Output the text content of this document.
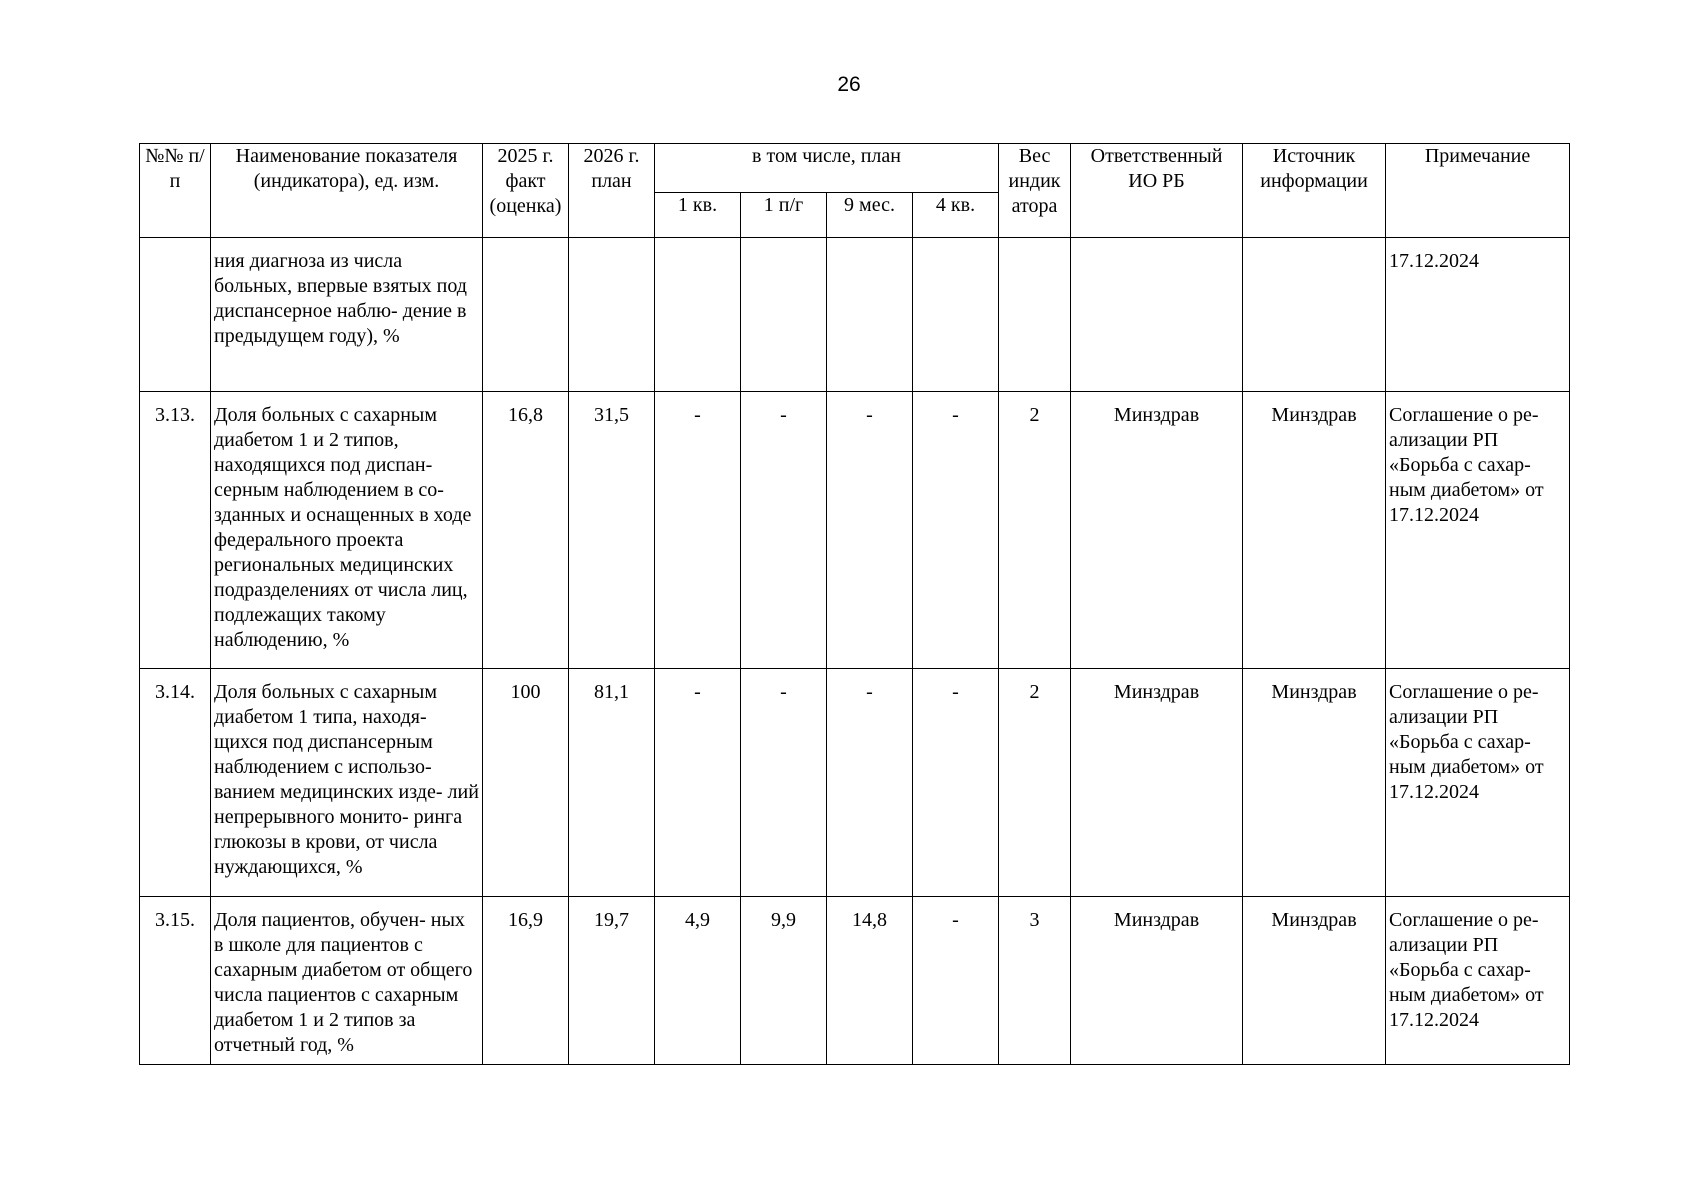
26
№№ п/п	Наименование показателя (индикатора), ед. изм.	2025 г. факт (оценка)	2026 г. план	в том числе, план				Вес индик атора	Ответственный ИО РБ	Источник информации	Примечание
				1 кв.	1 п/г	9 мес.	4 кв.				
	ния диагноза из числа больных, впервые взятых под диспансерное наблю- дение в предыдущем году), %										17.12.2024
3.13.	Доля больных с сахарным диабетом 1 и 2 типов, находящихся под диспан- серным наблюдением в со- зданных и оснащенных в ходе федерального проекта региональных медицинских подразделениях от числа лиц, подлежащих такому наблюдению, %	16,8	31,5	-	-	-	-	2	Минздрав	Минздрав	Соглашение о ре- ализации РП «Борьба с сахар- ным диабетом» от 17.12.2024
3.14.	Доля больных с сахарным диабетом 1 типа, находя- щихся под диспансерным наблюдением с использо- ванием медицинских изде- лий непрерывного монито- ринга глюкозы в крови, от числа нуждающихся, %	100	81,1	-	-	-	-	2	Минздрав	Минздрав	Соглашение о ре- ализации РП «Борьба с сахар- ным диабетом» от 17.12.2024
3.15.	Доля пациентов, обучен- ных в школе для пациентов с сахарным диабетом от общего числа пациентов с сахарным диабетом 1 и 2 типов за отчетный год, %	16,9	19,7	4,9	9,9	14,8	-	3	Минздрав	Минздрав	Соглашение о ре- ализации РП «Борьба с сахар- ным диабетом» от 17.12.2024
